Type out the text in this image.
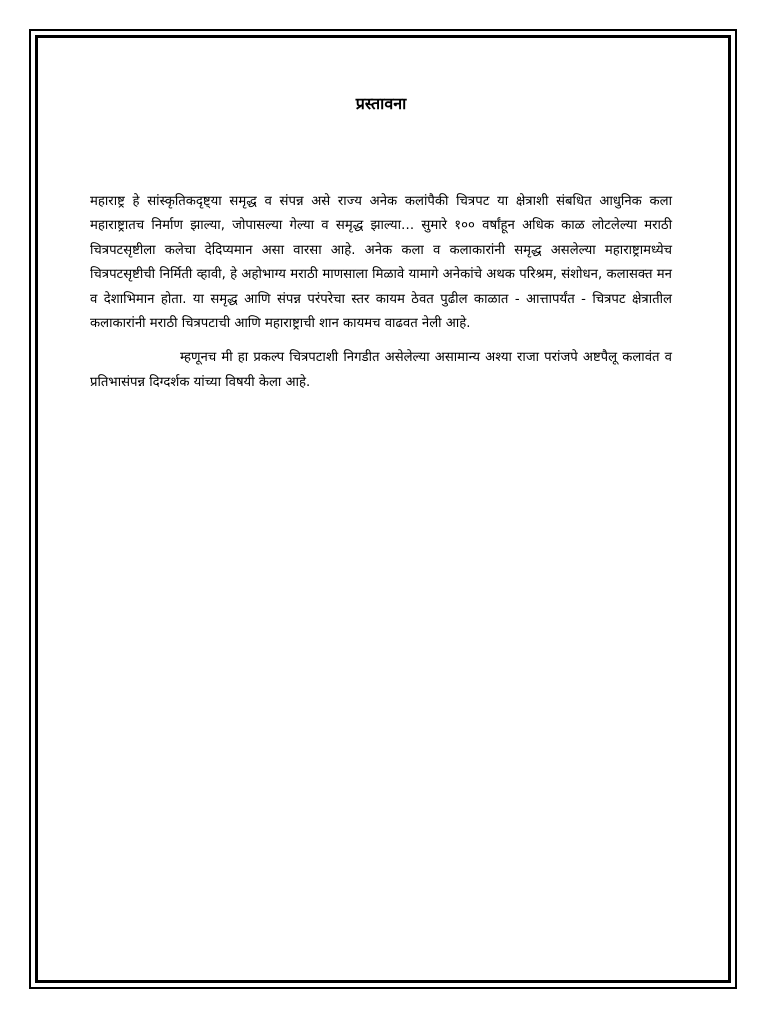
प्रस्तावना

महाराष्ट्र हे सांस्कृतिकदृष्ट्या समृद्ध व संपन्न असे राज्य अनेक कलांपैकी चित्रपट या क्षेत्राशी संबधित आधुनिक कला महाराष्ट्रातच निर्माण झाल्या, जोपासल्या गेल्या व समृद्ध झाल्या… सुमारे १०० वर्षांहून अधिक काळ लोटलेल्या मराठी चित्रपटसृष्टीला कलेचा देदिप्यमान असा वारसा आहे. अनेक कला व कलाकारांनी समृद्ध असलेल्या महाराष्ट्रामध्येच चित्रपटसृष्टीची निर्मिती व्हावी, हे अहोभाग्य मराठी माणसाला मिळावे यामागे अनेकांचे अथक परिश्रम, संशोधन, कलासक्त मन व देशाभिमान होता. या समृद्ध आणि संपन्न परंपरेचा स्तर कायम ठेवत पुढील काळात - आत्तापर्यंत - चित्रपट क्षेत्रातील कलाकारांनी मराठी चित्रपटाची आणि महाराष्ट्राची शान कायमच वाढवत नेली आहे.

म्हणूनच मी हा प्रकल्प चित्रपटाशी निगडीत असेलेल्या असामान्य अश्या राजा परांजपे अष्टपैलू कलावंत व प्रतिभासंपन्न दिग्दर्शक यांच्या विषयी केला आहे.
